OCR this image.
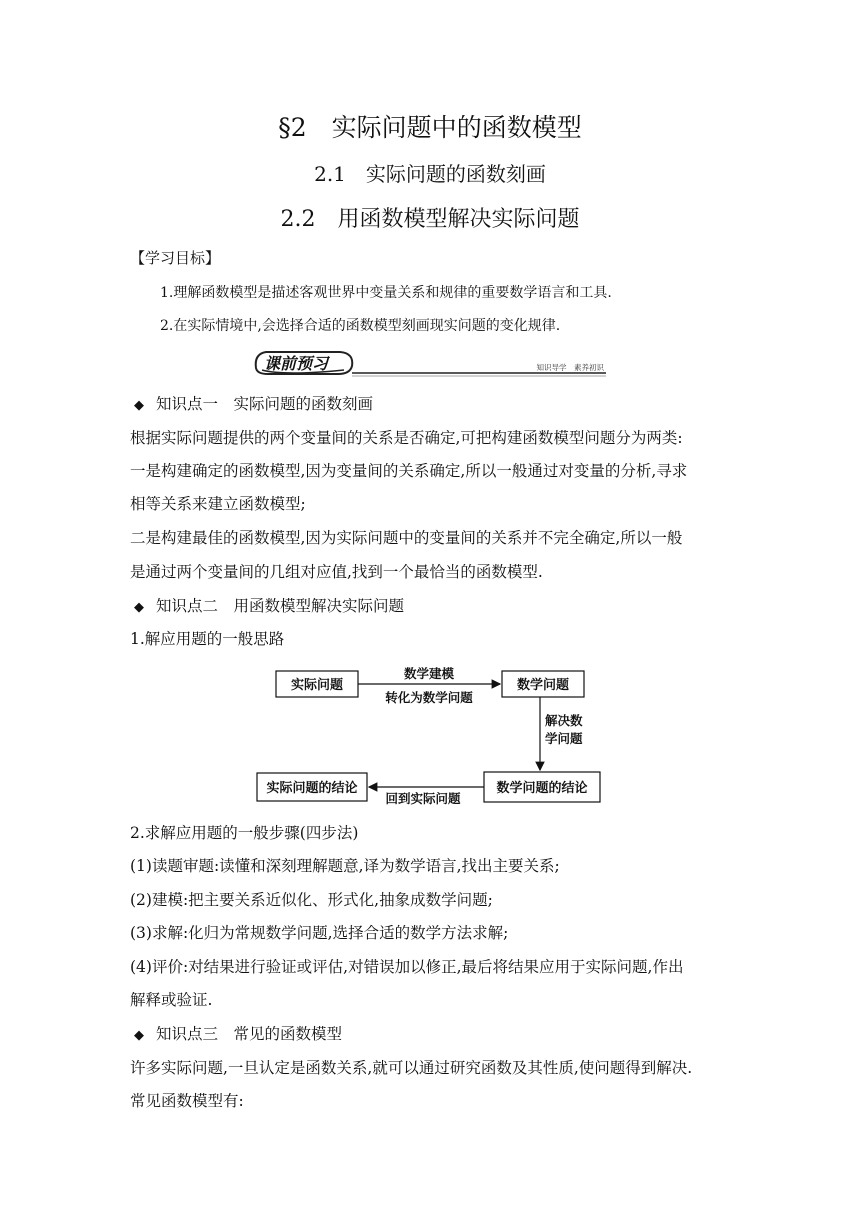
§2　实际问题中的函数模型
2.1　实际问题的函数刻画
2.2　用函数模型解决实际问题
【学习目标】
1.理解函数模型是描述客观世界中变量关系和规律的重要数学语言和工具.
2.在实际情境中,会选择合适的函数模型刻画现实问题的变化规律.
课前预习	知识导学　素养初识
◆ 知识点一　实际问题的函数刻画
根据实际问题提供的两个变量间的关系是否确定,可把构建函数模型问题分为两类:
一是构建确定的函数模型,因为变量间的关系确定,所以一般通过对变量的分析,寻求
相等关系来建立函数模型;
二是构建最佳的函数模型,因为实际问题中的变量间的关系并不完全确定,所以一般
是通过两个变量间的几组对应值,找到一个最恰当的函数模型.
◆ 知识点二　用函数模型解决实际问题
1.解应用题的一般思路
实际问题	数学问题
数学问题的结论
实际问题的结论
数学建模
转化为数学问题
解决数
学问题
回到实际问题
2.求解应用题的一般步骤(四步法)
(1)读题审题:读懂和深刻理解题意,译为数学语言,找出主要关系;
(2)建模:把主要关系近似化、形式化,抽象成数学问题;
(3)求解:化归为常规数学问题,选择合适的数学方法求解;
(4)评价:对结果进行验证或评估,对错误加以修正,最后将结果应用于实际问题,作出
解释或验证.
◆ 知识点三　常见的函数模型
许多实际问题,一旦认定是函数关系,就可以通过研究函数及其性质,使问题得到解决.
常见函数模型有:
